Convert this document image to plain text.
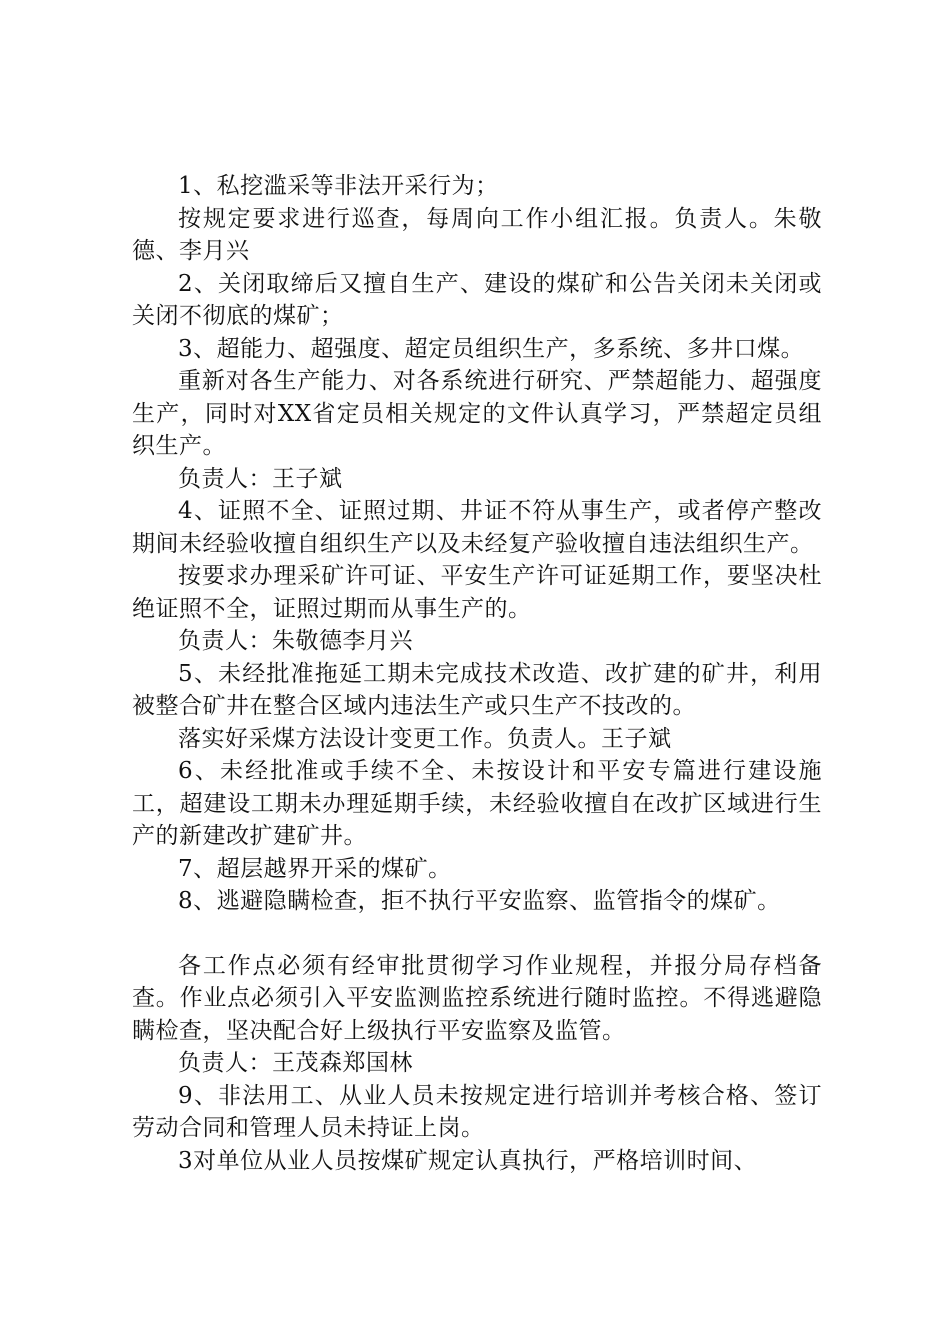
1、私挖滥采等非法开采行为；

按规定要求进行巡查，每周向工作小组汇报。负责人。朱敬德、李月兴

2、关闭取缔后又擅自生产、建设的煤矿和公告关闭未关闭或关闭不彻底的煤矿；

3、超能力、超强度、超定员组织生产，多系统、多井口煤。

重新对各生产能力、对各系统进行研究、严禁超能力、超强度生产，同时对XX省定员相关规定的文件认真学习，严禁超定员组织生产。

负责人：王子斌

4、证照不全、证照过期、井证不符从事生产，或者停产整改期间未经验收擅自组织生产以及未经复产验收擅自违法组织生产。

按要求办理采矿许可证、平安生产许可证延期工作，要坚决杜绝证照不全，证照过期而从事生产的。

负责人：朱敬德李月兴

5、未经批准拖延工期未完成技术改造、改扩建的矿井，利用被整合矿井在整合区域内违法生产或只生产不技改的。

落实好采煤方法设计变更工作。负责人。王子斌

6、未经批准或手续不全、未按设计和平安专篇进行建设施工，超建设工期未办理延期手续，未经验收擅自在改扩区域进行生产的新建改扩建矿井。

7、超层越界开采的煤矿。

8、逃避隐瞒检查，拒不执行平安监察、监管指令的煤矿。

各工作点必须有经审批贯彻学习作业规程，并报分局存档备查。作业点必须引入平安监测监控系统进行随时监控。不得逃避隐瞒检查，坚决配合好上级执行平安监察及监管。

负责人：王茂森郑国林

9、非法用工、从业人员未按规定进行培训并考核合格、签订劳动合同和管理人员未持证上岗。

3对单位从业人员按煤矿规定认真执行，严格培训时间、
